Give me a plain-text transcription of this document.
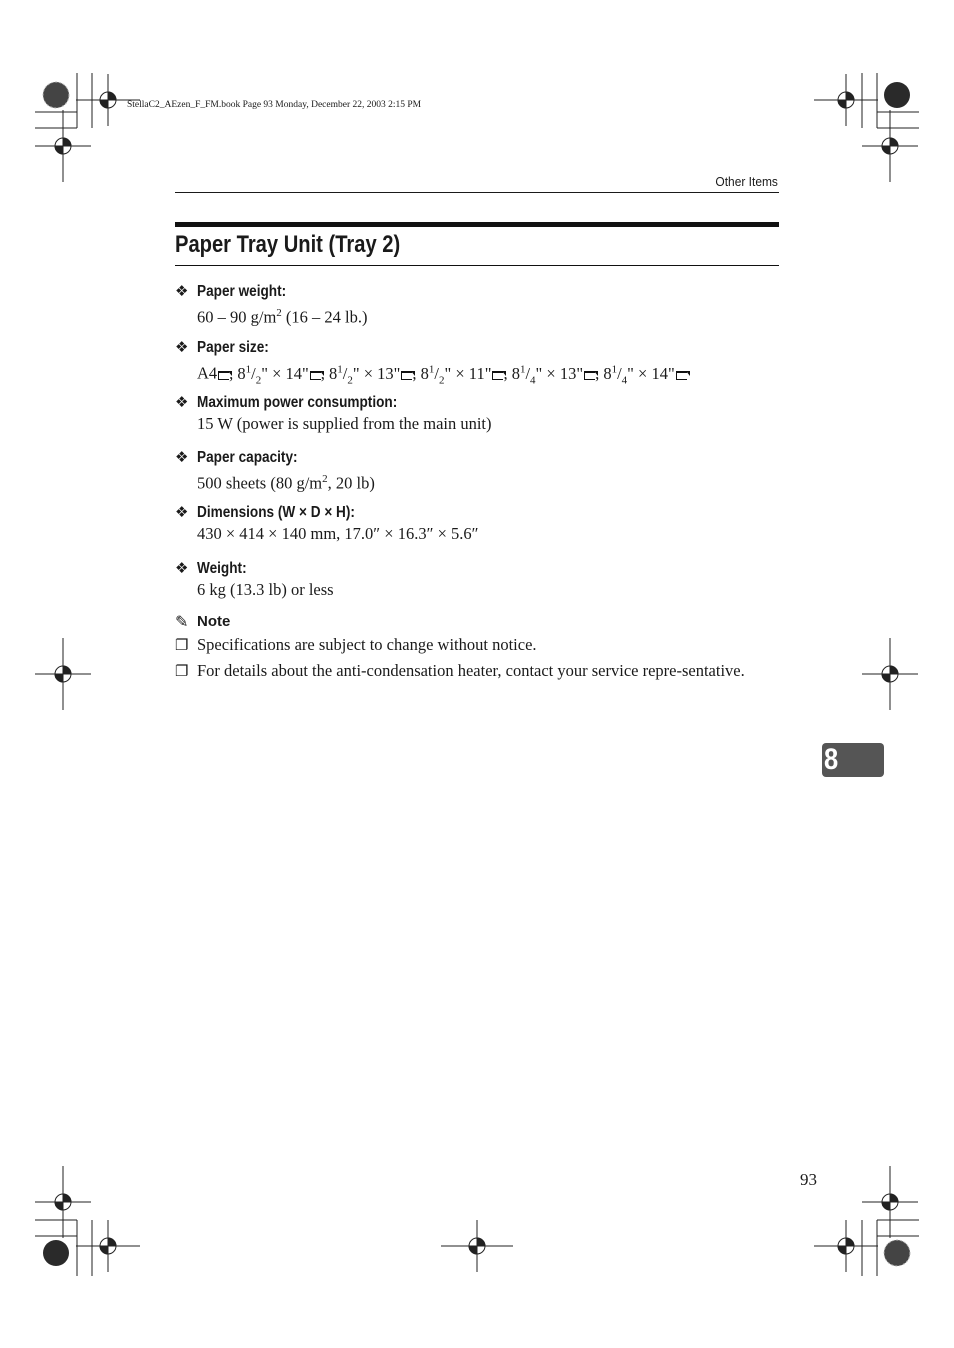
StellaC2_AEzen_F_FM.book Page 93 Monday, December 22, 2003 2:15 PM
Other Items
Paper Tray Unit (Tray 2)
❖ Paper weight:
60 – 90 $g/m^2$ (16 – 24 lb.)
❖ Paper size:
A4 , $8^1/_2$" × 14" , $8^1/_2$" × 13" , $8^1/_2$" × 11" , $8^1/_4$" × 13" , $8^1/_4$" × 14"
❖ Maximum power consumption:
15 W (power is supplied from the main unit)
❖ Paper capacity:
500 sheets (80 $g/m^2$, 20 lb)
❖ Dimensions (W × D × H):
430 × 414 × 140 mm, 17.0″ × 16.3″ × 5.6″
❖ Weight:
6 kg (13.3 lb) or less
✎ Note
❐ Specifications are subject to change without notice.
❐ For details about the anti-condensation heater, contact your service repre-sentative.
8
93
